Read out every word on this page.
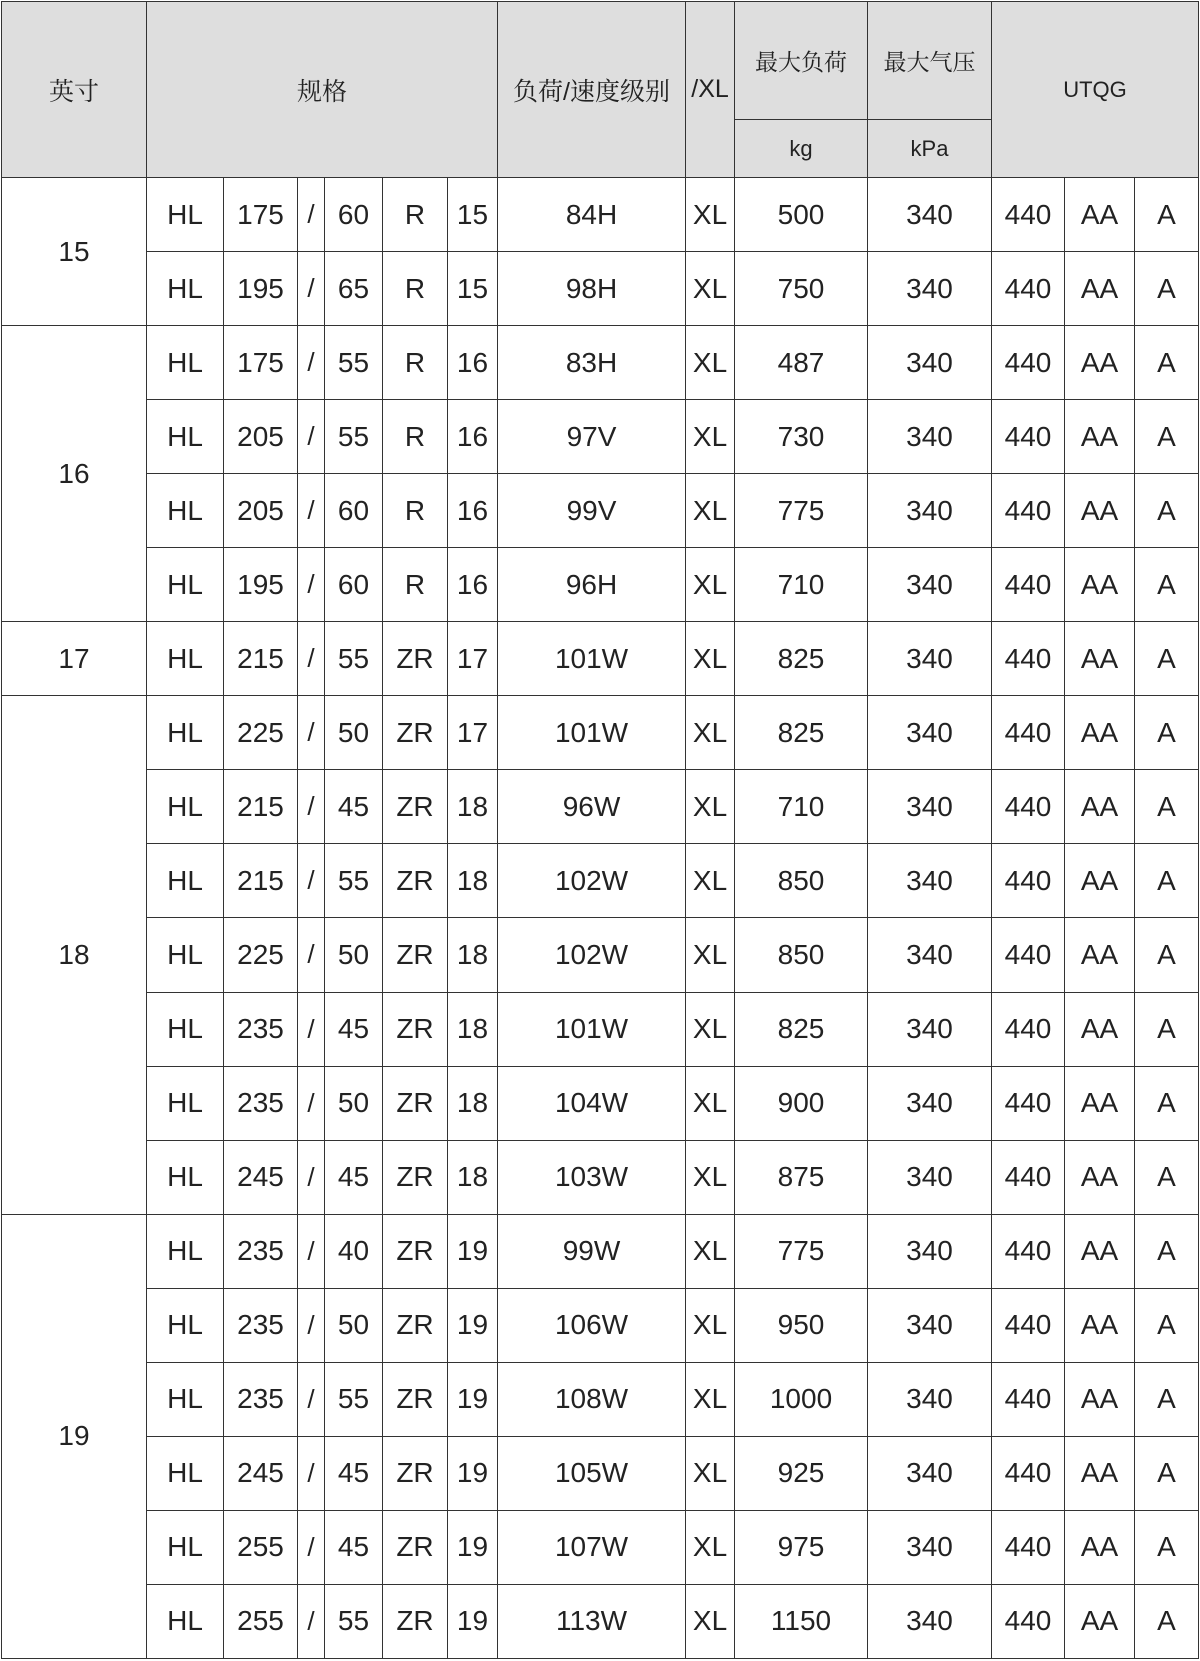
英寸	规格						负荷/速度级别	/XL	最大负荷	最大气压	UTQG		
									kg	kPa			
15	HL	175	/	60	R	15	84H	XL	500	340	440	AA	A
	HL	195	/	65	R	15	98H	XL	750	340	440	AA	A
16	HL	175	/	55	R	16	83H	XL	487	340	440	AA	A
	HL	205	/	55	R	16	97V	XL	730	340	440	AA	A
	HL	205	/	60	R	16	99V	XL	775	340	440	AA	A
	HL	195	/	60	R	16	96H	XL	710	340	440	AA	A
17	HL	215	/	55	ZR	17	101W	XL	825	340	440	AA	A
18	HL	225	/	50	ZR	17	101W	XL	825	340	440	AA	A
	HL	215	/	45	ZR	18	96W	XL	710	340	440	AA	A
	HL	215	/	55	ZR	18	102W	XL	850	340	440	AA	A
	HL	225	/	50	ZR	18	102W	XL	850	340	440	AA	A
	HL	235	/	45	ZR	18	101W	XL	825	340	440	AA	A
	HL	235	/	50	ZR	18	104W	XL	900	340	440	AA	A
	HL	245	/	45	ZR	18	103W	XL	875	340	440	AA	A
19	HL	235	/	40	ZR	19	99W	XL	775	340	440	AA	A
	HL	235	/	50	ZR	19	106W	XL	950	340	440	AA	A
	HL	235	/	55	ZR	19	108W	XL	1000	340	440	AA	A
	HL	245	/	45	ZR	19	105W	XL	925	340	440	AA	A
	HL	255	/	45	ZR	19	107W	XL	975	340	440	AA	A
	HL	255	/	55	ZR	19	113W	XL	1150	340	440	AA	A
